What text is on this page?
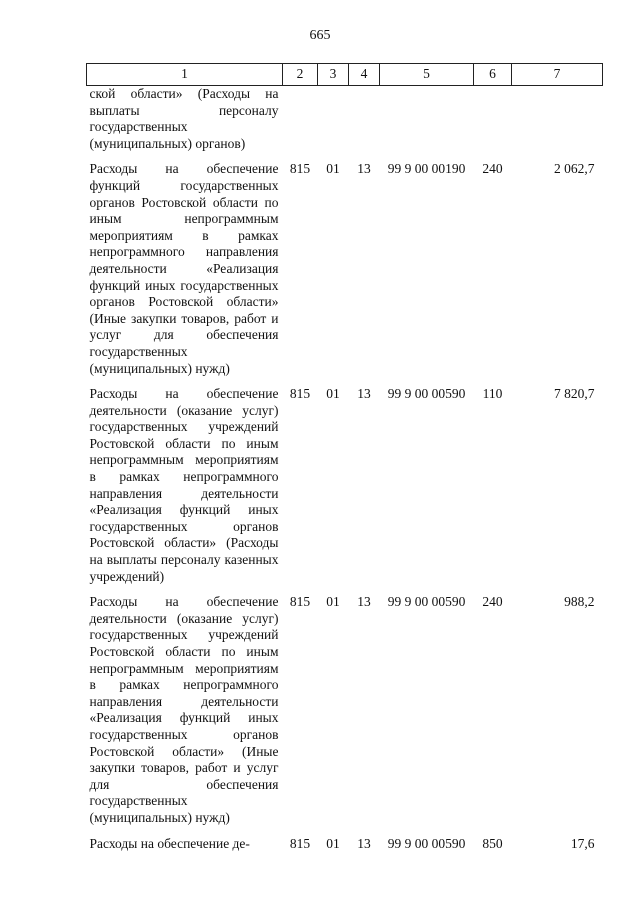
665
1	2	3	4	5	6	7
ской области» (Расходы на выплаты персоналу государственных (муниципальных) органов)						
Расходы на обеспечение функций государственных органов Ростовской области по иным непрограммным мероприятиям в рамках непрограммного направления деятельности «Реализация функций иных государственных органов Ростовской области» (Иные закупки товаров, работ и услуг для обеспечения государственных (муниципальных) нужд)	815	01	13	99 9 00 00190	240	2 062,7
Расходы на обеспечение деятельности (оказание услуг) государственных учреждений Ростовской области по иным непрограммным мероприятиям в рамках непрограммного направления деятельности «Реализация функций иных государственных органов Ростовской области» (Расходы на выплаты персоналу казенных учреждений)	815	01	13	99 9 00 00590	110	7 820,7
Расходы на обеспечение деятельности (оказание услуг) государственных учреждений Ростовской области по иным непрограммным мероприятиям в рамках непрограммного направления деятельности «Реализация функций иных государственных органов Ростовской области» (Иные закупки товаров, работ и услуг для обеспечения государственных (муниципальных) нужд)	815	01	13	99 9 00 00590	240	988,2
Расходы на обеспечение де-	815	01	13	99 9 00 00590	850	17,6
